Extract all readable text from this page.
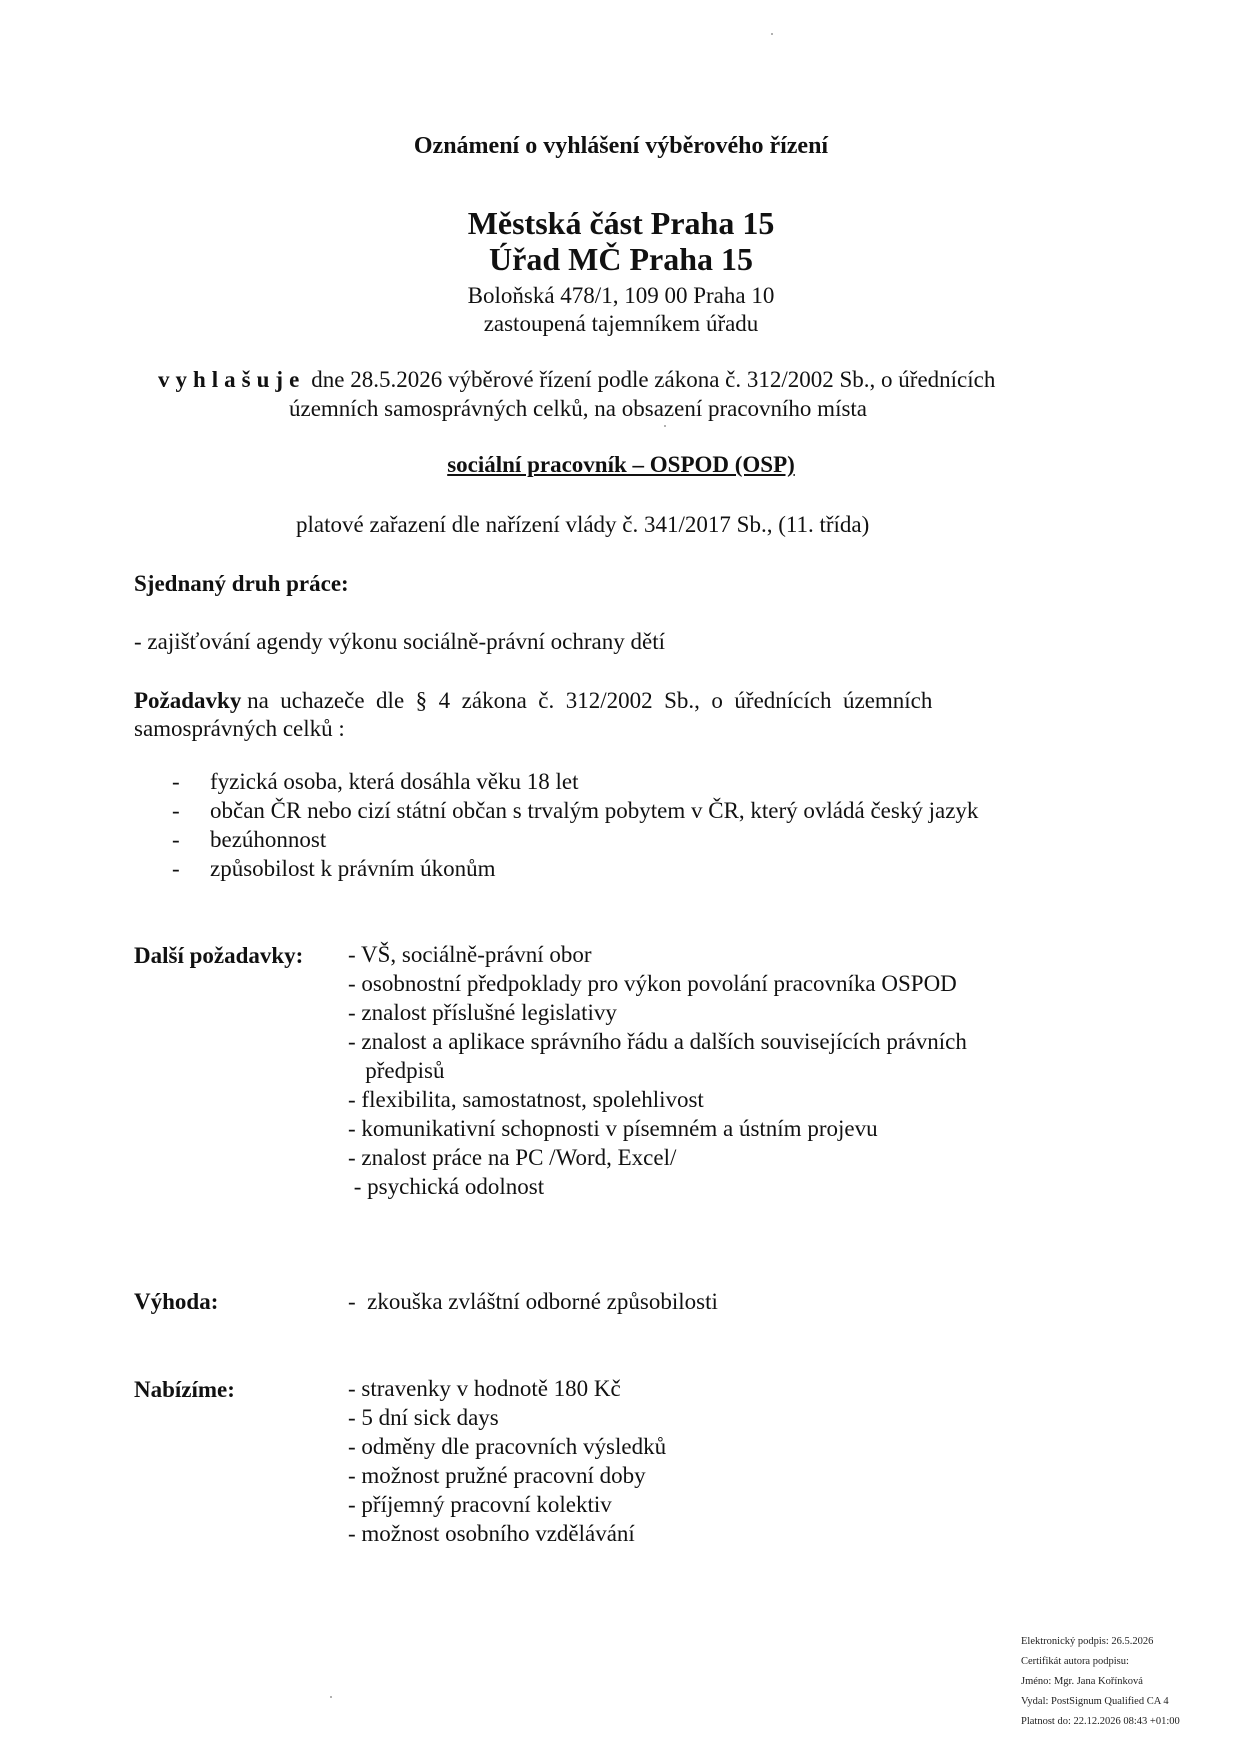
Oznámení o vyhlášení výběrového řízení
Městská část Praha 15
Úřad MČ Praha 15
Boloňská 478/1, 109 00 Praha 10
zastoupená tajemníkem úřadu
vyhlašuje dne 28.5.2026 výběrové řízení podle zákona č. 312/2002 Sb., o úřednících
územních samosprávných celků, na obsazení pracovního místa
sociální pracovník – OSPOD (OSP)
platové zařazení dle nařízení vlády č. 341/2017 Sb., (11. třída)
Sjednaný druh práce:
- zajišťování agendy výkonu sociálně-právní ochrany dětí
Požadavky na  uchazeče  dle  §  4  zákona  č.  312/2002  Sb.,  o  úřednících  územních
samosprávných celků :
- fyzická osoba, která dosáhla věku 18 let
- občan ČR nebo cizí státní občan s trvalým pobytem v ČR, který ovládá český jazyk
- bezúhonnost
- způsobilost k právním úkonům
Další požadavky: - VŠ, sociálně-právní obor
- osobnostní předpoklady pro výkon povolání pracovníka OSPOD
- znalost příslušné legislativy
- znalost a aplikace správního řádu a dalších souvisejících právních
předpisů
- flexibilita, samostatnost, spolehlivost
- komunikativní schopnosti v písemném a ústním projevu
- znalost práce na PC /Word, Excel/
- psychická odolnost
Výhoda:	-  zkouška zvláštní odborné způsobilosti
Nabízíme:	- stravenky v hodnotě 180 Kč
- 5 dní sick days
- odměny dle pracovních výsledků
- možnost pružné pracovní doby
- příjemný pracovní kolektiv
- možnost osobního vzdělávání
Elektronický podpis: 26.5.2026
Certifikát autora podpisu:
Jméno: Mgr. Jana Kořínková
Vydal: PostSignum Qualified CA 4
Platnost do: 22.12.2026 08:43 +01:00
